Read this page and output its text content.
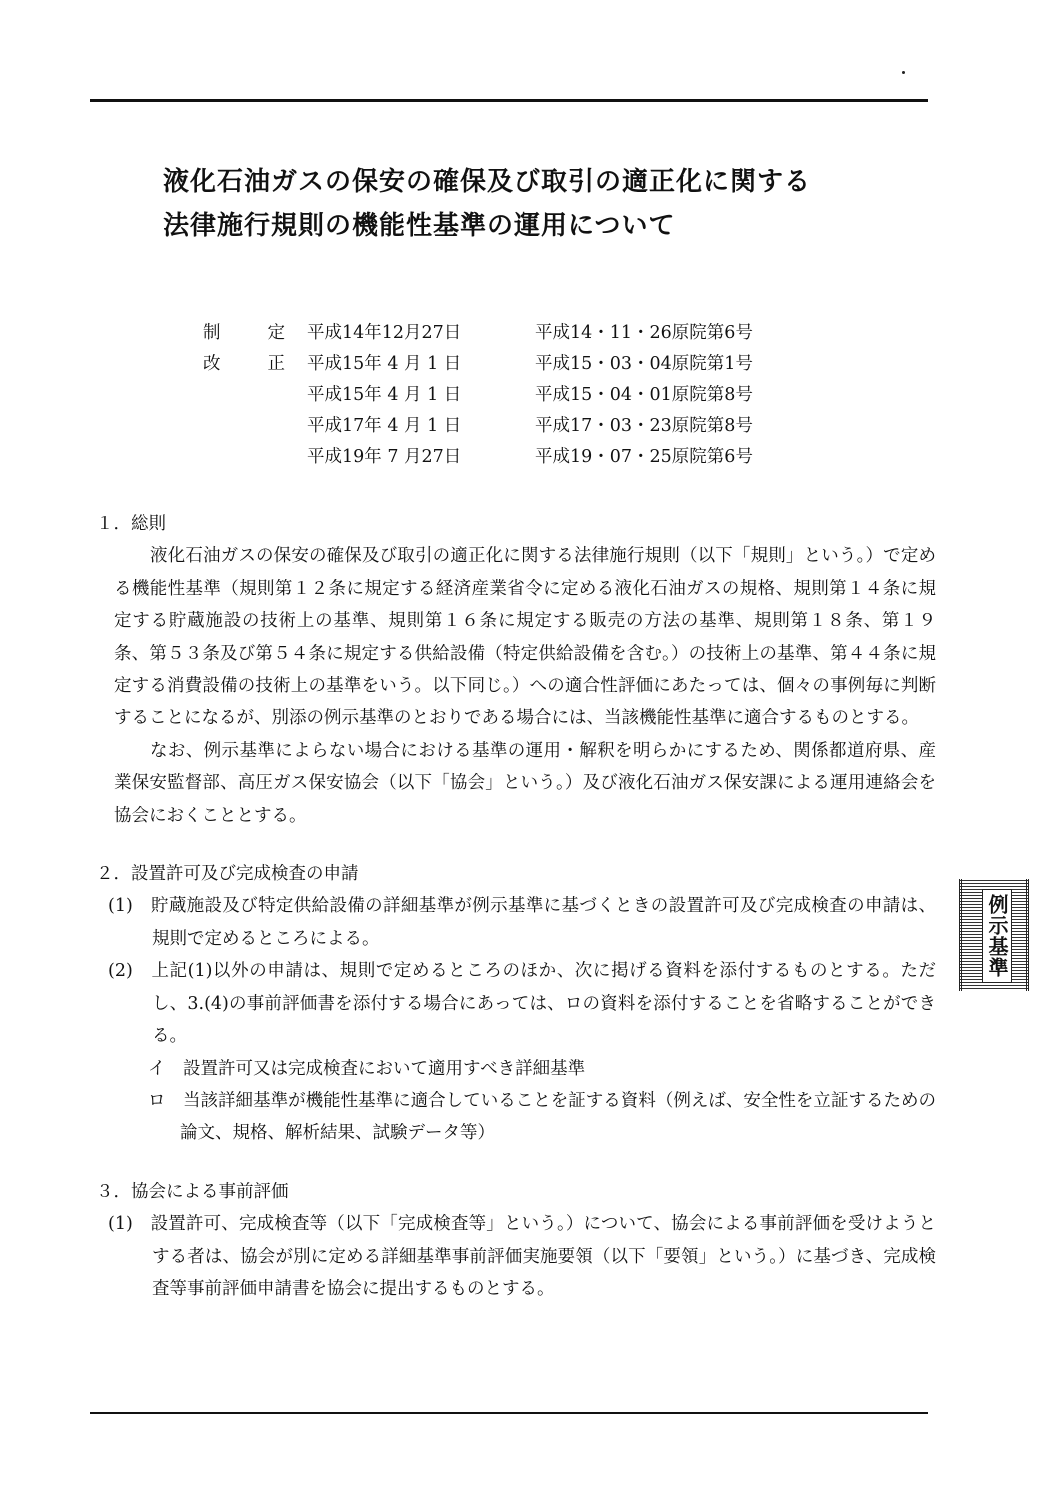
液化石油ガスの保安の確保及び取引の適正化に関する
法律施行規則の機能性基準の運用について
制	定 平成14年12月27日	平成14・11・26原院第6号
改	正 平成15年 4 月 1 日	平成15・03・04原院第1号
平成15年 4 月 1 日	平成15・04・01原院第8号
平成17年 4 月 1 日	平成17・03・23原院第8号
平成19年 7 月27日	平成19・07・25原院第6号
１．総則
液化石油ガスの保安の確保及び取引の適正化に関する法律施行規則（以下「規則」という。）で定める機能性基準（規則第１２条に規定する経済産業省令に定める液化石油ガスの規格、規則第１４条に規定する貯蔵施設の技術上の基準、規則第１６条に規定する販売の方法の基準、規則第１８条、第１９条、第５３条及び第５４条に規定する供給設備（特定供給設備を含む。）の技術上の基準、第４４条に規定する消費設備の技術上の基準をいう。以下同じ。）への適合性評価にあたっては、個々の事例毎に判断することになるが、別添の例示基準のとおりである場合には、当該機能性基準に適合するものとする。
なお、例示基準によらない場合における基準の運用・解釈を明らかにするため、関係都道府県、産業保安監督部、高圧ガス保安協会（以下「協会」という。）及び液化石油ガス保安課による運用連絡会を協会におくこととする。
２．設置許可及び完成検査の申請
(1)　貯蔵施設及び特定供給設備の詳細基準が例示基準に基づくときの設置許可及び完成検査の申請は、規則で定めるところによる。
(2)　上記(1)以外の申請は、規則で定めるところのほか、次に掲げる資料を添付するものとする。ただし、3.(4)の事前評価書を添付する場合にあっては、ロの資料を添付することを省略することができる。
イ　設置許可又は完成検査において適用すべき詳細基準
ロ　当該詳細基準が機能性基準に適合していることを証する資料（例えば、安全性を立証するための論文、規格、解析結果、試験データ等）
３．協会による事前評価
(1)　設置許可、完成検査等（以下「完成検査等」という。）について、協会による事前評価を受けようとする者は、協会が別に定める詳細基準事前評価実施要領（以下「要領」という。）に基づき、完成検査等事前評価申請書を協会に提出するものとする。
例示基準
